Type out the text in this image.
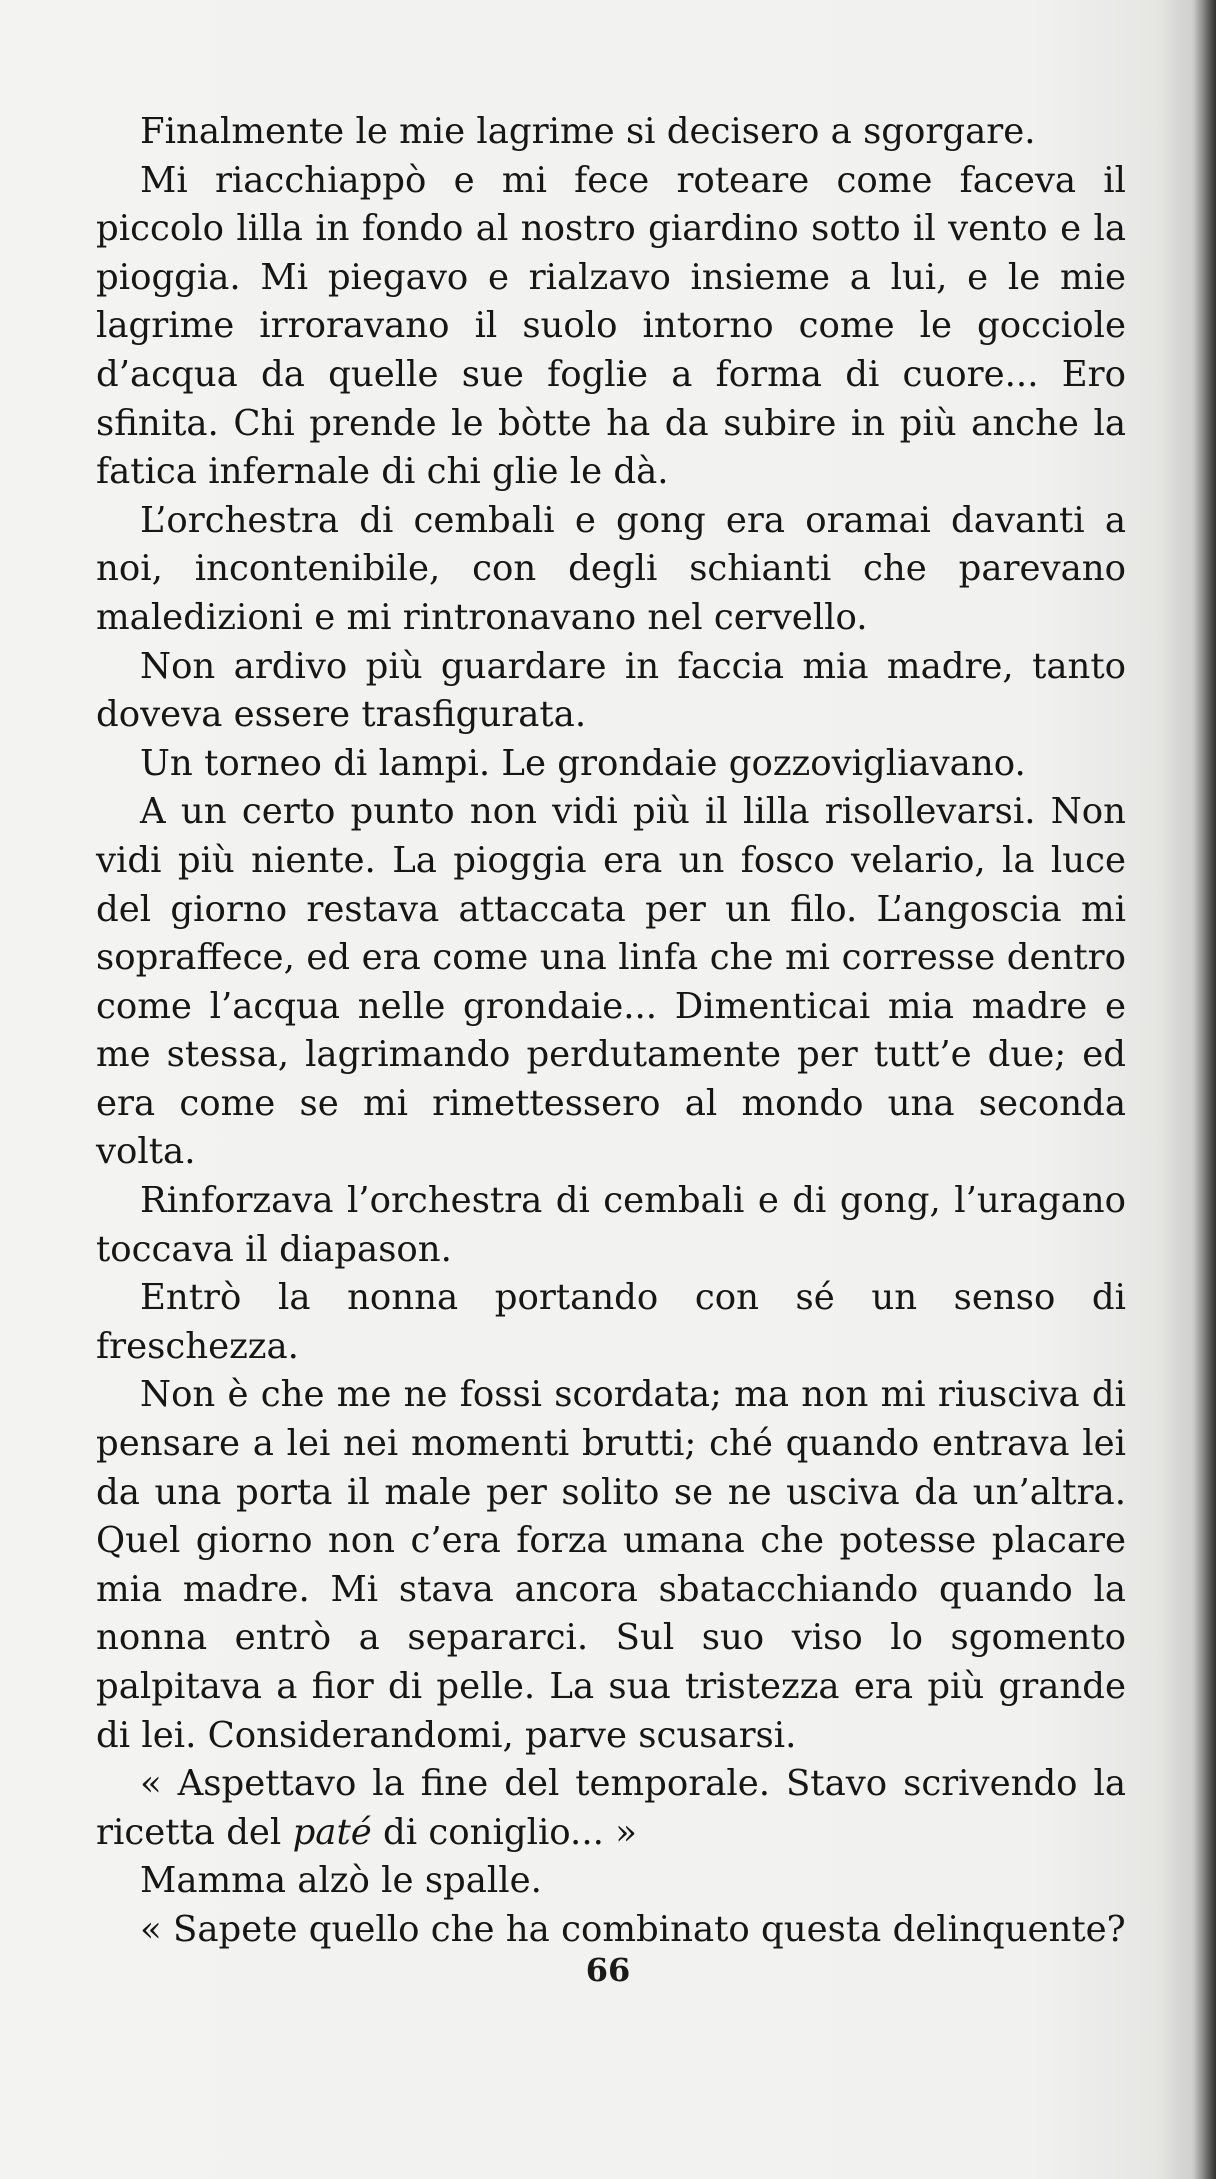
Finalmente le mie lagrime si decisero a sgorgare.

Mi riacchiappò e mi fece roteare come faceva il piccolo lilla in fondo al nostro giardino sotto il vento e la pioggia. Mi piegavo e rialzavo insieme a lui, e le mie lagrime irroravano il suolo intorno come le gocciole d’acqua da quelle sue foglie a forma di cuore... Ero sfinita. Chi prende le bòtte ha da subire in più anche la fatica infernale di chi glie le dà.

L’orchestra di cembali e gong era oramai davanti a noi, incontenibile, con degli schianti che parevano maledizioni e mi rintronavano nel cervello.

Non ardivo più guardare in faccia mia madre, tanto doveva essere trasfigurata.

Un torneo di lampi. Le grondaie gozzovigliavano.

A un certo punto non vidi più il lilla risollevarsi. Non vidi più niente. La pioggia era un fosco velario, la luce del giorno restava attaccata per un filo. L’angoscia mi sopraffece, ed era come una linfa che mi corresse dentro come l’acqua nelle grondaie... Dimenticai mia madre e me stessa, lagrimando perdutamente per tutt’e due; ed era come se mi rimettessero al mondo una seconda volta.

Rinforzava l’orchestra di cembali e di gong, l’uragano toccava il diapason.

Entrò la nonna portando con sé un senso di freschezza.

Non è che me ne fossi scordata; ma non mi riusciva di pensare a lei nei momenti brutti; ché quando entrava lei da una porta il male per solito se ne usciva da un’altra. Quel giorno non c’era forza umana che potesse placare mia madre. Mi stava ancora sbatacchiando quando la nonna entrò a separarci. Sul suo viso lo sgomento palpitava a fior di pelle. La sua tristezza era più grande di lei. Considerandomi, parve scusarsi.

« Aspettavo la fine del temporale. Stavo scrivendo la ricetta del paté di coniglio... »

Mamma alzò le spalle.

« Sapete quello che ha combinato questa delinquente?

66
